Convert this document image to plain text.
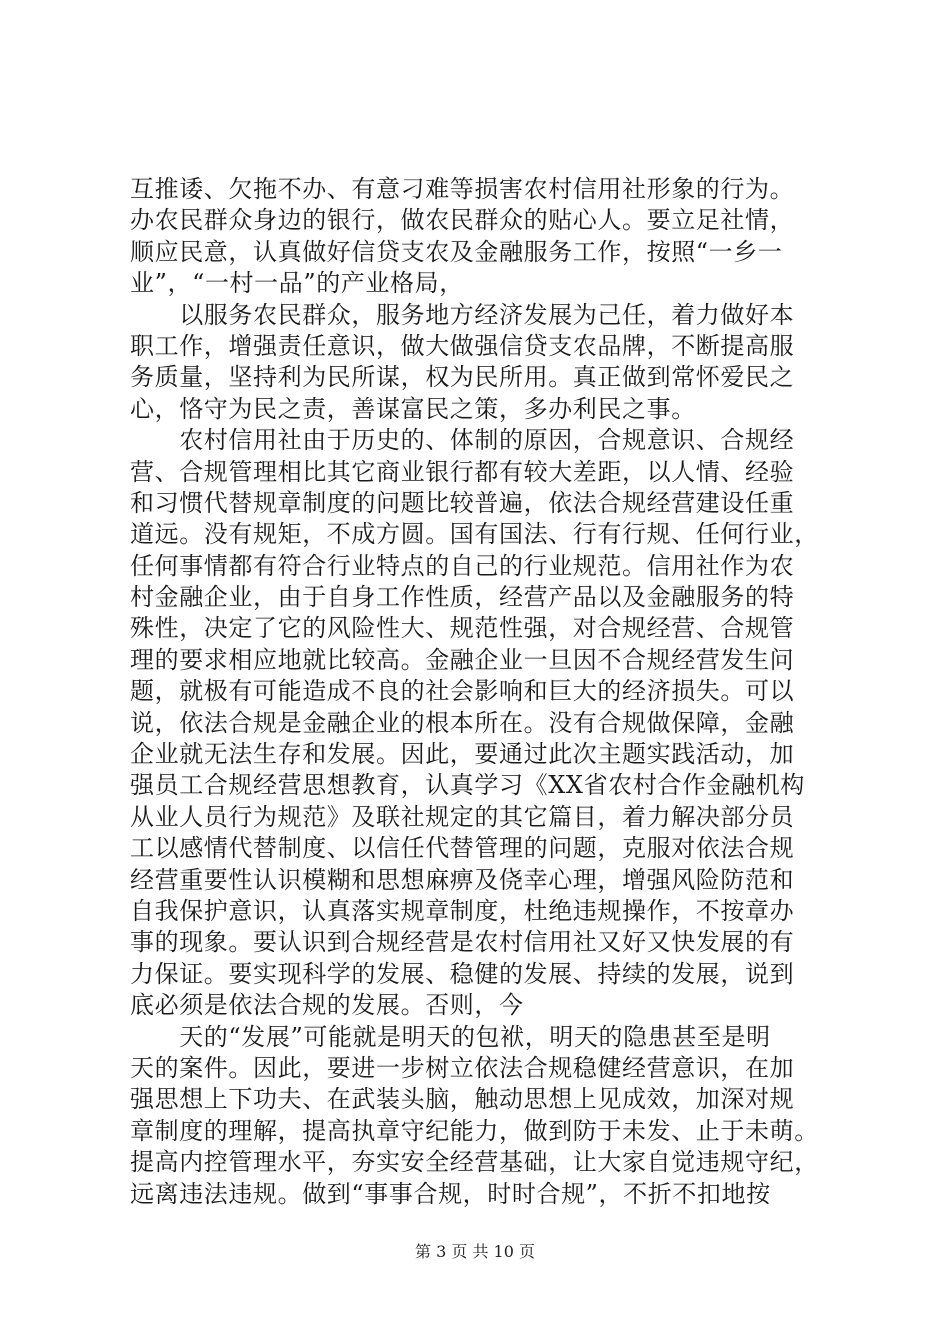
互推诿、欠拖不办、有意刁难等损害农村信用社形象的行为。
办农民群众身边的银行，做农民群众的贴心人。要立足社情，
顺应民意，认真做好信贷支农及金融服务工作，按照“一乡一
业”，“一村一品”的产业格局，
　　以服务农民群众，服务地方经济发展为己任，着力做好本
职工作，增强责任意识，做大做强信贷支农品牌，不断提高服
务质量，坚持利为民所谋，权为民所用。真正做到常怀爱民之
心，恪守为民之责，善谋富民之策，多办利民之事。
　　农村信用社由于历史的、体制的原因，合规意识、合规经
营、合规管理相比其它商业银行都有较大差距，以人情、经验
和习惯代替规章制度的问题比较普遍，依法合规经营建设任重
道远。没有规矩，不成方圆。国有国法、行有行规、任何行业，
任何事情都有符合行业特点的自己的行业规范。信用社作为农
村金融企业，由于自身工作性质，经营产品以及金融服务的特
殊性，决定了它的风险性大、规范性强，对合规经营、合规管
理的要求相应地就比较高。金融企业一旦因不合规经营发生问
题，就极有可能造成不良的社会影响和巨大的经济损失。可以
说，依法合规是金融企业的根本所在。没有合规做保障，金融
企业就无法生存和发展。因此，要通过此次主题实践活动，加
强员工合规经营思想教育，认真学习《XX省农村合作金融机构
从业人员行为规范》及联社规定的其它篇目，着力解决部分员
工以感情代替制度、以信任代替管理的问题，克服对依法合规
经营重要性认识模糊和思想麻痹及侥幸心理，增强风险防范和
自我保护意识，认真落实规章制度，杜绝违规操作，不按章办
事的现象。要认识到合规经营是农村信用社又好又快发展的有
力保证。要实现科学的发展、稳健的发展、持续的发展，说到
底必须是依法合规的发展。否则，今
　　天的“发展”可能就是明天的包袱，明天的隐患甚至是明
天的案件。因此，要进一步树立依法合规稳健经营意识，在加
强思想上下功夫、在武装头脑，触动思想上见成效，加深对规
章制度的理解，提高执章守纪能力，做到防于未发、止于未萌。
提高内控管理水平，夯实安全经营基础，让大家自觉违规守纪，
远离违法违规。做到“事事合规，时时合规”，不折不扣地按
第 3 页 共 10 页
